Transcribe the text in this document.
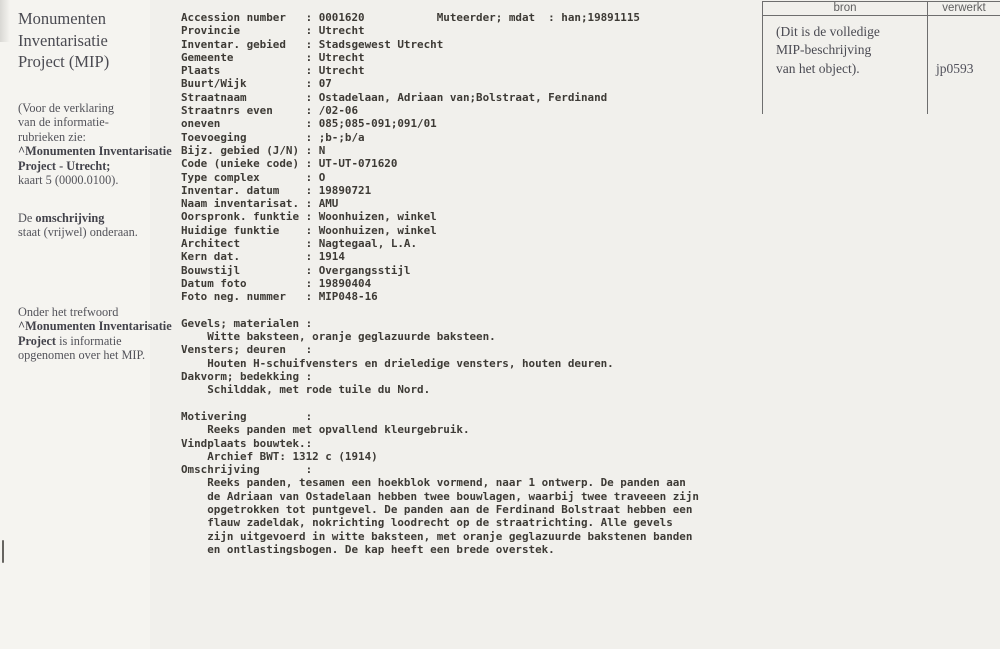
Monumenten
Inventarisatie
Project (MIP)
(Voor de verklaring
van de informatie-
rubrieken zie:
^Monumenten Inventarisatie
Project - Utrecht;
kaart 5 (0000.0100).
De omschrijving
staat (vrijwel) onderaan.
Onder het trefwoord
^Monumenten Inventarisatie
Project is informatie
opgenomen over het MIP.
Accession number   : 0001620           Muteerder; mdat  : han;19891115
Provincie          : Utrecht
Inventar. gebied   : Stadsgewest Utrecht
Gemeente           : Utrecht
Plaats             : Utrecht
Buurt/Wijk         : 07
Straatnaam         : Ostadelaan, Adriaan van;Bolstraat, Ferdinand
Straatnrs even     : /02-06
oneven             : 085;085-091;091/01
Toevoeging         : ;b-;b/a
Bijz. gebied (J/N) : N
Code (unieke code) : UT-UT-071620
Type complex       : O
Inventar. datum    : 19890721
Naam inventarisat. : AMU
Oorspronk. funktie : Woonhuizen, winkel
Huidige funktie    : Woonhuizen, winkel
Architect          : Nagtegaal, L.A.
Kern dat.          : 1914
Bouwstijl          : Overgangsstijl
Datum foto         : 19890404
Foto neg. nummer   : MIP048-16

Gevels; materialen :
Witte baksteen, oranje geglazuurde baksteen.
Vensters; deuren   :
Houten H-schuifvensters en drieledige vensters, houten deuren.
Dakvorm; bedekking :
Schilddak, met rode tuile du Nord.

Motivering         :
Reeks panden met opvallend kleurgebruik.
Vindplaats bouwtek.:
Archief BWT: 1312 c (1914)
Omschrijving       :
Reeks panden, tesamen een hoekblok vormend, naar 1 ontwerp. De panden aan
de Adriaan van Ostadelaan hebben twee bouwlagen, waarbij twee traveeen zijn
opgetrokken tot puntgevel. De panden aan de Ferdinand Bolstraat hebben een
flauw zadeldak, nokrichting loodrecht op de straatrichting. Alle gevels
zijn uitgevoerd in witte baksteen, met oranje geglazuurde bakstenen banden
en ontlastingsbogen. De kap heeft een brede overstek.
bron	verwerkt
(Dit is de volledige
MIP-beschrijving
van het object).	jp0593
